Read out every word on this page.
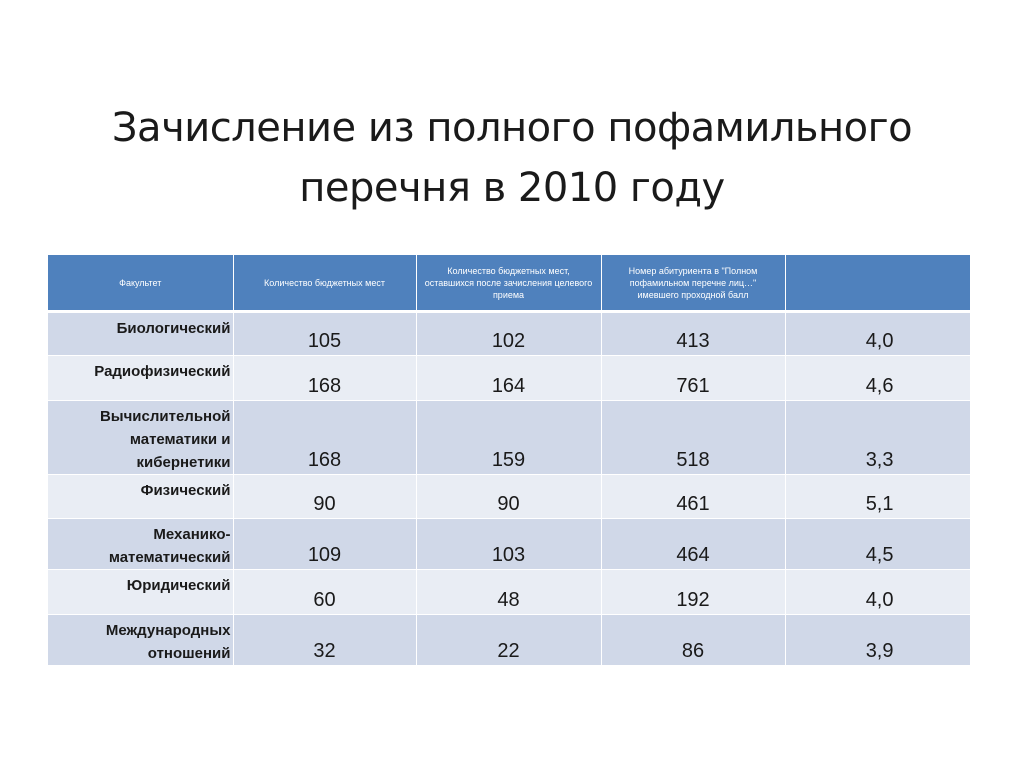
Зачисление из полного пофамильного
перечня в 2010 году
Факультет	Количество бюджетных мест	Количество бюджетных мест, оставшихся после зачисления целевого приема	Номер абитуриента в "Полном пофамильном перечне лиц…" имевшего проходной балл	
Биологический	105	102	413	4,0
Радиофизический	168	164	761	4,6
Вычислительной математики и кибернетики	168	159	518	3,3
Физический	90	90	461	5,1
Механико-математический	109	103	464	4,5
Юридический	60	48	192	4,0
Международных отношений	32	22	86	3,9
